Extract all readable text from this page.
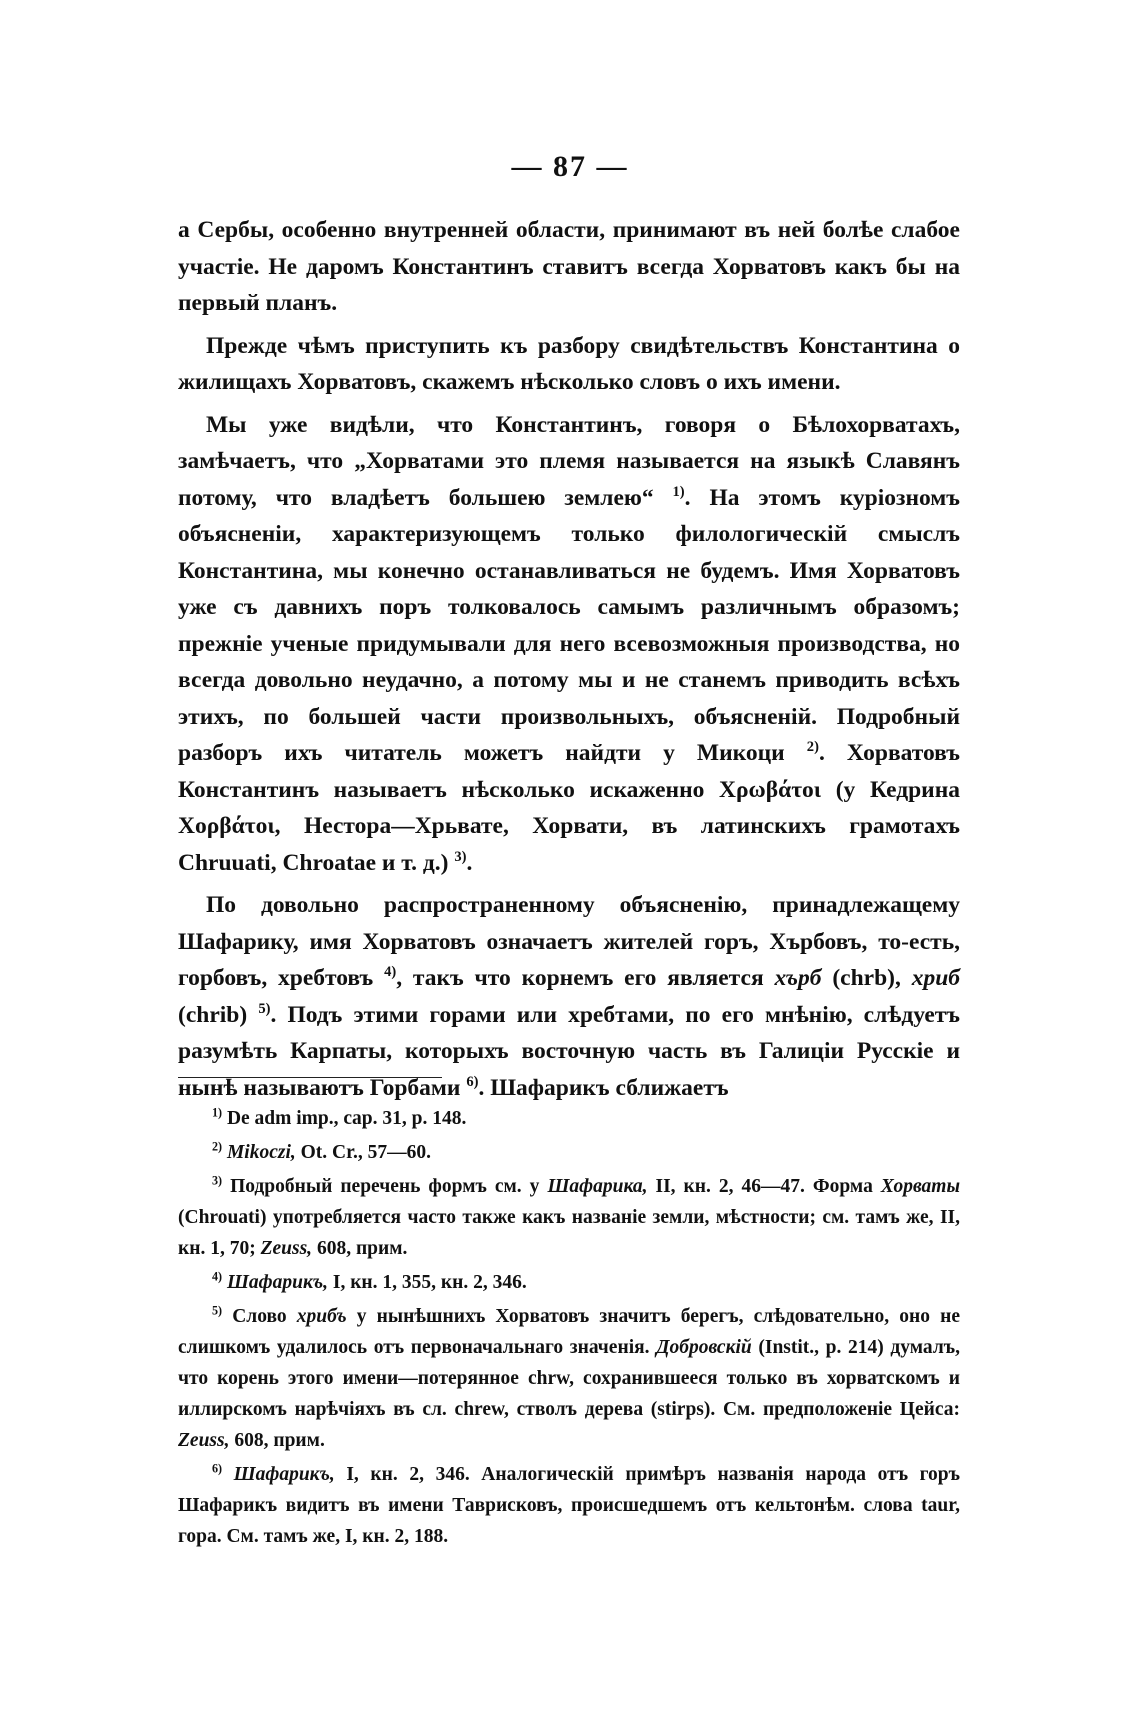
— 87 —

а Сербы, особенно внутренней области, принимают въ ней болѣе слабое участіе. Не даромъ Константинъ ставитъ всегда Хорватовъ какъ бы на первый планъ.

Прежде чѣмъ приступить къ разбору свидѣтельствъ Константина о жилищахъ Хорватовъ, скажемъ нѣсколько словъ о ихъ имени.

Мы уже видѣли, что Константинъ, говоря о Бѣлохорватахъ, замѣчаетъ, что „Хорватами это племя называется на языкѣ Славянъ потому, что владѣетъ большею землею“ $^{1)}$. На этомъ куріозномъ объясненіи, характеризующемъ только филологическій смыслъ Константина, мы конечно останавливаться не будемъ. Имя Хорватовъ уже съ давнихъ поръ толковалось самымъ различнымъ образомъ; прежніе ученые придумывали для него всевозможныя производства, но всегда довольно неудачно, а потому мы и не станемъ приводить всѣхъ этихъ, по большей части произвольныхъ, объясненій. Подробный разборъ ихъ читатель можетъ найдти у Микоци $^{2)}$. Хорватовъ Константинъ называетъ нѣсколько искаженно Χρωβάτοι (у Кедрина Χορβάτοι, Нестора—Хрьвате, Хорвати, въ латинскихъ грамотахъ Chruuati, Chroatae и т. д.) $^{3)}$.

По довольно распространенному объясненію, принадлежащему Шафарику, имя Хорватовъ означаетъ жителей горъ, Хърбовъ, то-есть, горбовъ, хребтовъ $^{4)}$, такъ что корнемъ его является хърб (chrb), хриб (chrib) $^{5)}$. Подъ этими горами или хребтами, по его мнѣнію, слѣдуетъ разумѣть Карпаты, которыхъ восточную часть въ Галиціи Русскіе и нынѣ называютъ Горбами $^{6)}$. Шафарикъ сближаетъ

$^{1)}$ De adm imp., cap. 31, p. 148.

$^{2)}$ Mikoczi, Ot. Cr., 57—60.

$^{3)}$ Подробный перечень формъ см. у Шафарика, II, кн. 2, 46—47. Форма Хорваты (Chrouati) употребляется часто также какъ названіе земли, мѣстности; см. тамъ же, II, кн. 1, 70; Zeuss, 608, прим.

$^{4)}$ Шафарикъ, I, кн. 1, 355, кн. 2, 346.

$^{5)}$ Слово хрибъ у нынѣшнихъ Хорватовъ значитъ берегъ, слѣдовательно, оно не слишкомъ удалилось отъ первоначальнаго значенія. Добровскій (Instit., p. 214) думалъ, что корень этого имени—потерянное chrw, сохранившееся только въ хорватскомъ и иллирскомъ нарѣчіяхъ въ сл. chrew, стволъ дерева (stirps). См. предположеніе Цейса: Zeuss, 608, прим.

$^{6)}$ Шафарикъ, I, кн. 2, 346. Аналогическій примѣръ названія народа отъ горъ Шафарикъ видитъ въ имени Таврисковъ, происшедшемъ отъ кельтонѣм. слова taur, гора. См. тамъ же, I, кн. 2, 188.
